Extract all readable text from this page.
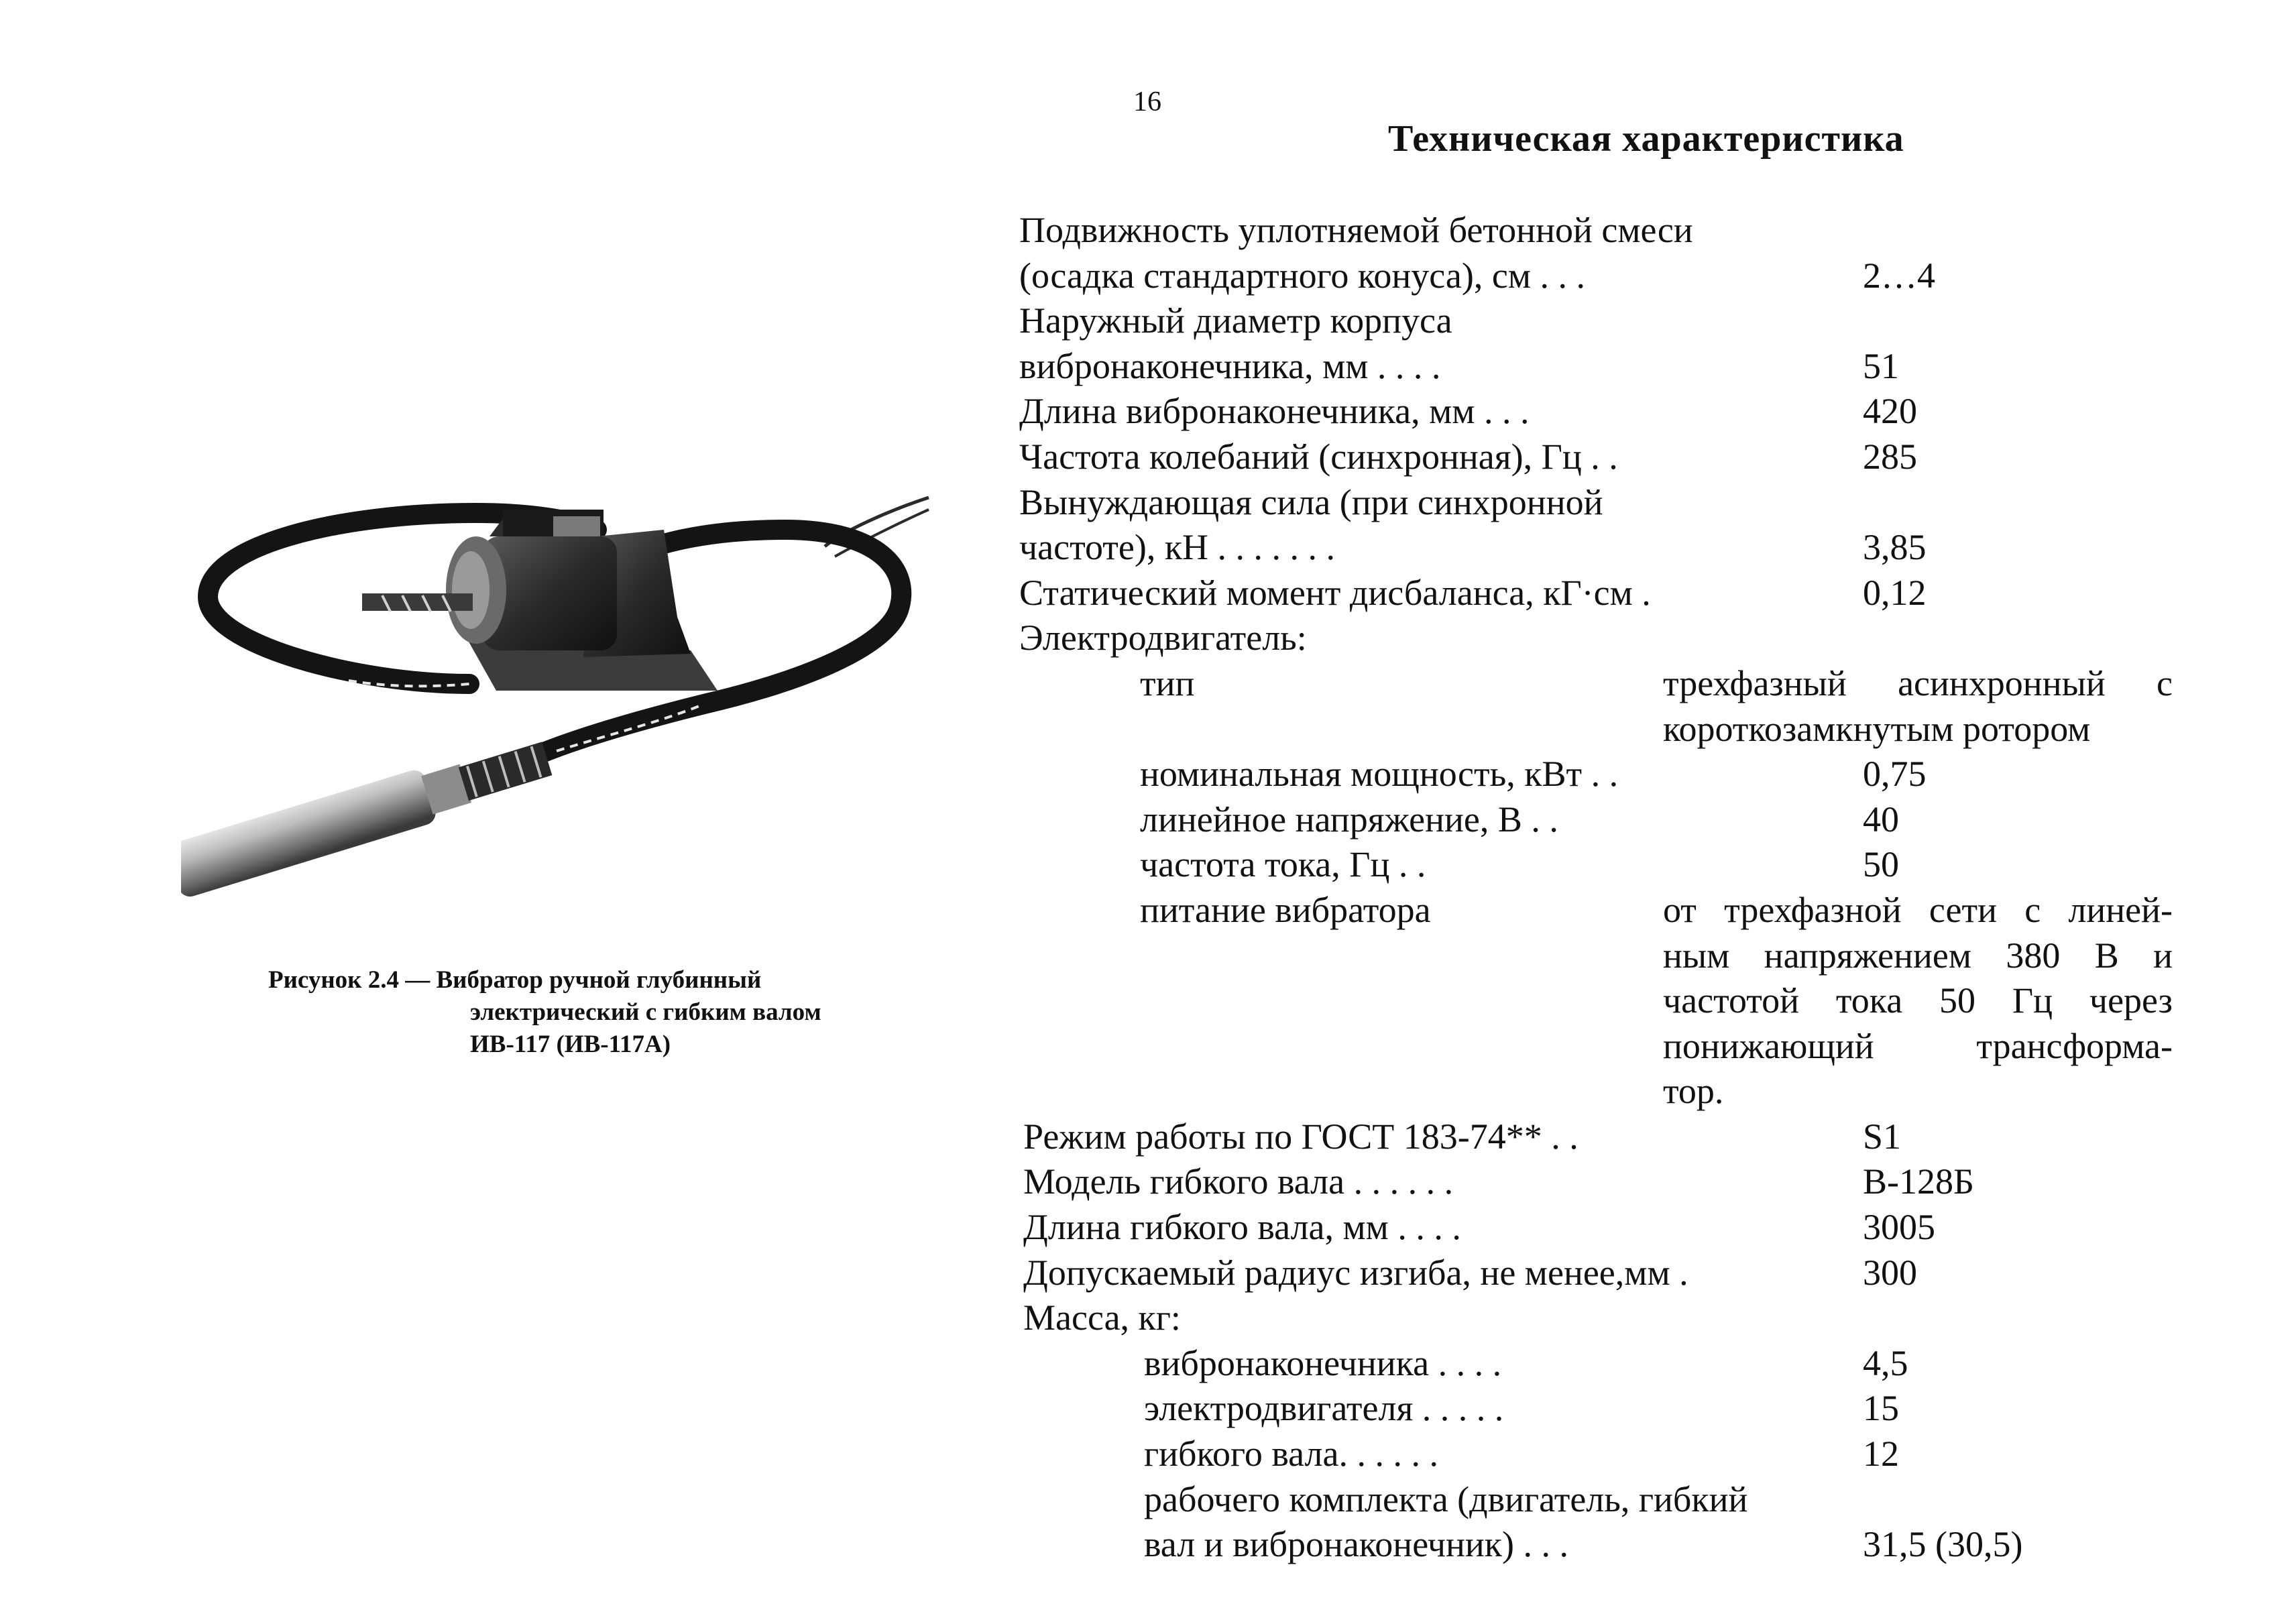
16
Техническая характеристика
Рисунок 2.4 — Вибратор ручной глубинный
электрический с гибким валом
ИВ-117 (ИВ-117А)
Подвижность уплотняемой бетонной смеси
(осадка стандартного конуса), см . . .	2…4
Наружный диаметр корпуса
вибронаконечника, мм . . . .	51
Длина вибронаконечника, мм . . .	420
Частота колебаний (синхронная), Гц . .	285
Вынуждающая сила (при синхронной
частоте), кН . . . . . . .	3,85
Статический момент дисбаланса, кГ·см .	0,12
Электродвигатель:
тип	трехфазный асинхронный с
короткозамкнутым ротором
номинальная мощность, кВт . .	0,75
линейное напряжение, В . .	40
частота тока, Гц . .	50
питание вибратора	от трехфазной сети с линей-
ным напряжением 380 В и
частотой тока 50 Гц через
понижающий трансформа-
тор.
Режим работы по ГОСТ 183-74** . .	S1
Модель гибкого вала . . . . . .	В-128Б
Длина гибкого вала, мм . . . .	3005
Допускаемый радиус изгиба, не менее,мм .	300
Масса, кг:
вибронаконечника . . . .	4,5
электродвигателя . . . . .	15
гибкого вала. . . . . .	12
рабочего комплекта (двигатель, гибкий
вал и вибронаконечник) . . .	31,5 (30,5)
